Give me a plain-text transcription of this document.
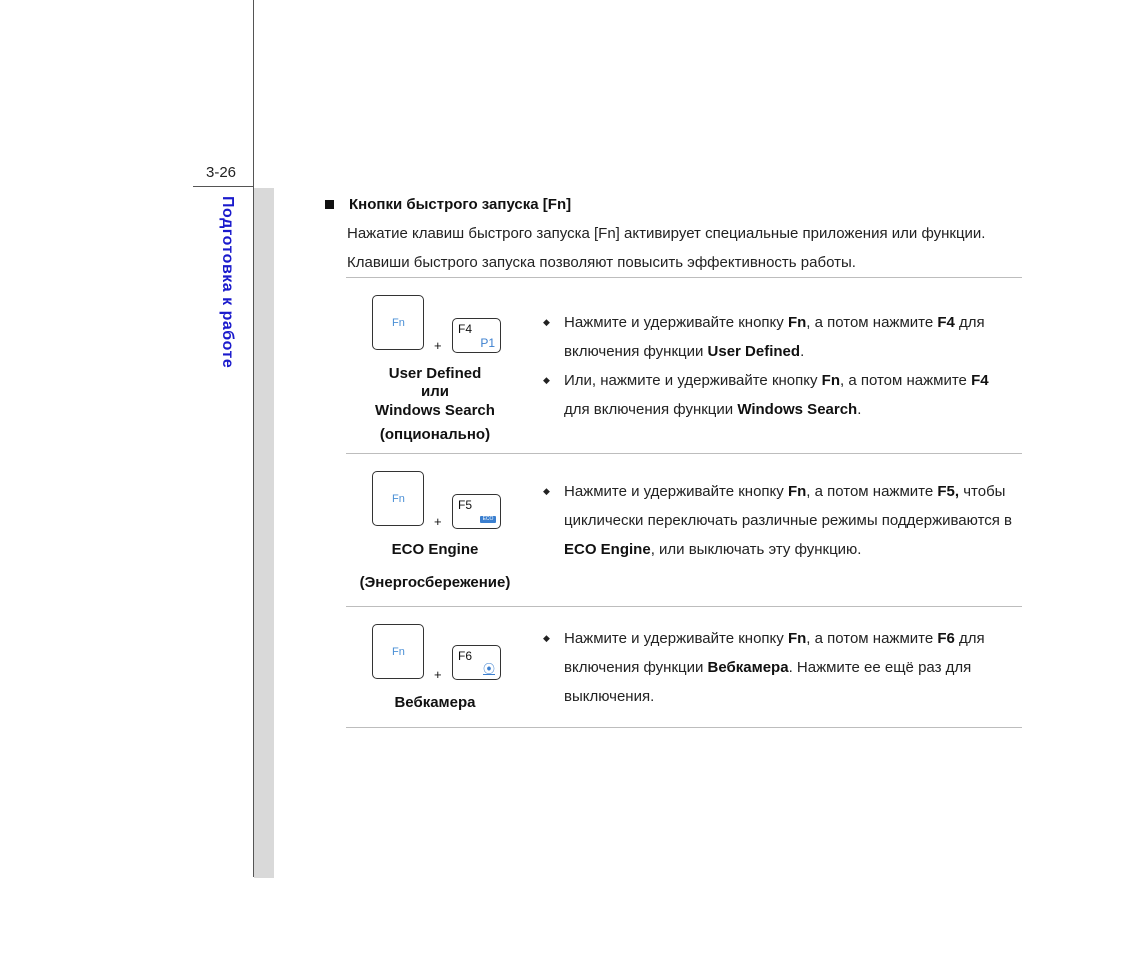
3-26
Подготовка к работе	Кнопки быстрого запуска [Fn]
Нажатие клавиш быстрого запуска [Fn] активирует специальные приложения или функции.
Клавиши быстрого запуска позволяют повысить эффективность работы.
Fn
+
F4
P1
User Defined
или
Windows Search
(опционально)
◆ Нажмите и удерживайте кнопку Fn, а потом нажмите F4 для включения функции User Defined.
◆ Или, нажмите и удерживайте кнопку Fn, а потом нажмите F4 для включения функции Windows Search.
Fn
+
F5
ECO
ECO Engine
(Энергосбережение)
◆ Нажмите и удерживайте кнопку Fn, а потом нажмите F5, чтобы циклически переключать различные режимы поддерживаются в ECO Engine, или выключать эту функцию.
Fn
+
F6
⦿
Вебкамера
◆ Нажмите и удерживайте кнопку Fn, а потом нажмите F6 для включения функции Вебкамера. Нажмите ее ещё раз для выключения.
